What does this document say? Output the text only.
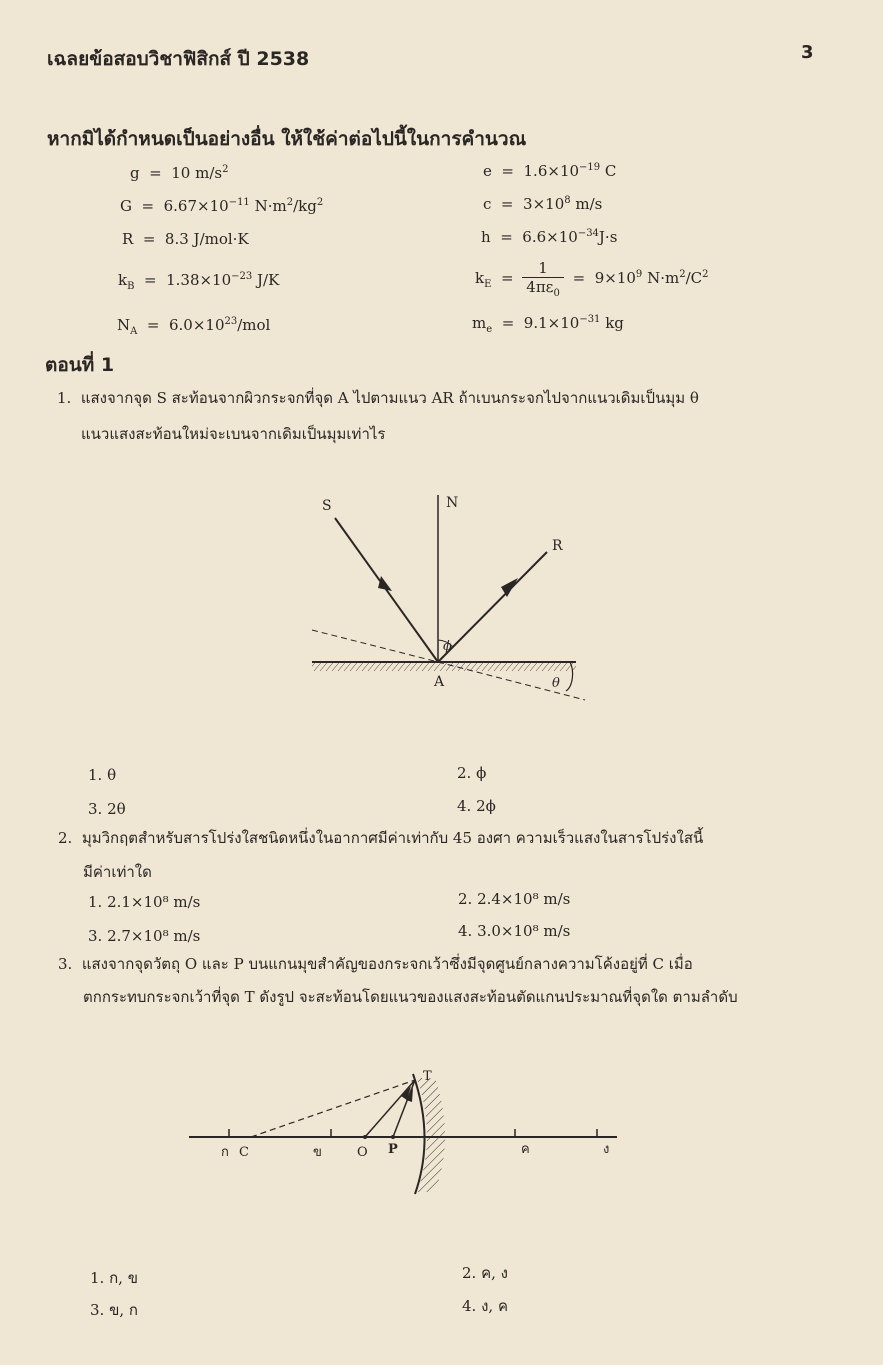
เฉลยข้อสอบวิชาฟิสิกส์ ปี 2538	3
หากมิได้กำหนดเป็นอย่างอื่น ให้ใช้ค่าต่อไปนี้ในการคำนวณ
g  =  10 $m/s^2$
$G = 6.67\times 10^{-11}$ $N\cdot m^2/kg^2$
R  =  8.3 J/mol·K
$k_B = 1.38\times 10^{-23}$ J/K
$N_A = 6.0\times 10^{23}/mol$
$e = 1.6\times 10^{-19}$ C
$c = 3\times 10^8$ m/s
$h = 6.6\times 10^{-34}J\cdot s$
$k_E = \frac{1}{4\pi\varepsilon_0} = 9\times 10^9$ $N\cdot m^2/C^2$
$m_e = 9.1\times 10^{-31}$ kg
ตอนที่ 1
1. แสงจากจุด S สะท้อนจากผิวกระจกที่จุด A ไปตามแนว AR ถ้าเบนกระจกไปจากแนวเดิมเป็นมุม θ
แนวแสงสะท้อนใหม่จะเบนจากเดิมเป็นมุมเท่าไร
S	N
R
A
ϕ
θ
1. θ	2. ϕ
3. 2θ	4. 2ϕ
2. มุมวิกฤตสำหรับสารโปร่งใสชนิดหนึ่งในอากาศมีค่าเท่ากับ 45 องศา ความเร็วแสงในสารโปร่งใสนี้
มีค่าเท่าใด
1. 2.1×10⁸ m/s	2. 2.4×10⁸ m/s
3. 2.7×10⁸ m/s	4. 3.0×10⁸ m/s
3. แสงจากจุดวัตถุ O และ P บนแกนมุขสำคัญของกระจกเว้าซึ่งมีจุดศูนย์กลางความโค้งอยู่ที่ C เมื่อ
ตกกระทบกระจกเว้าที่จุด T ดังรูป จะสะท้อนโดยแนวของแสงสะท้อนตัดแกนประมาณที่จุดใด ตามลำดับ
T
ก C	ข	O P	ค	ง
1. ก, ข	2. ค, ง
3. ข, ก	4. ง, ค
